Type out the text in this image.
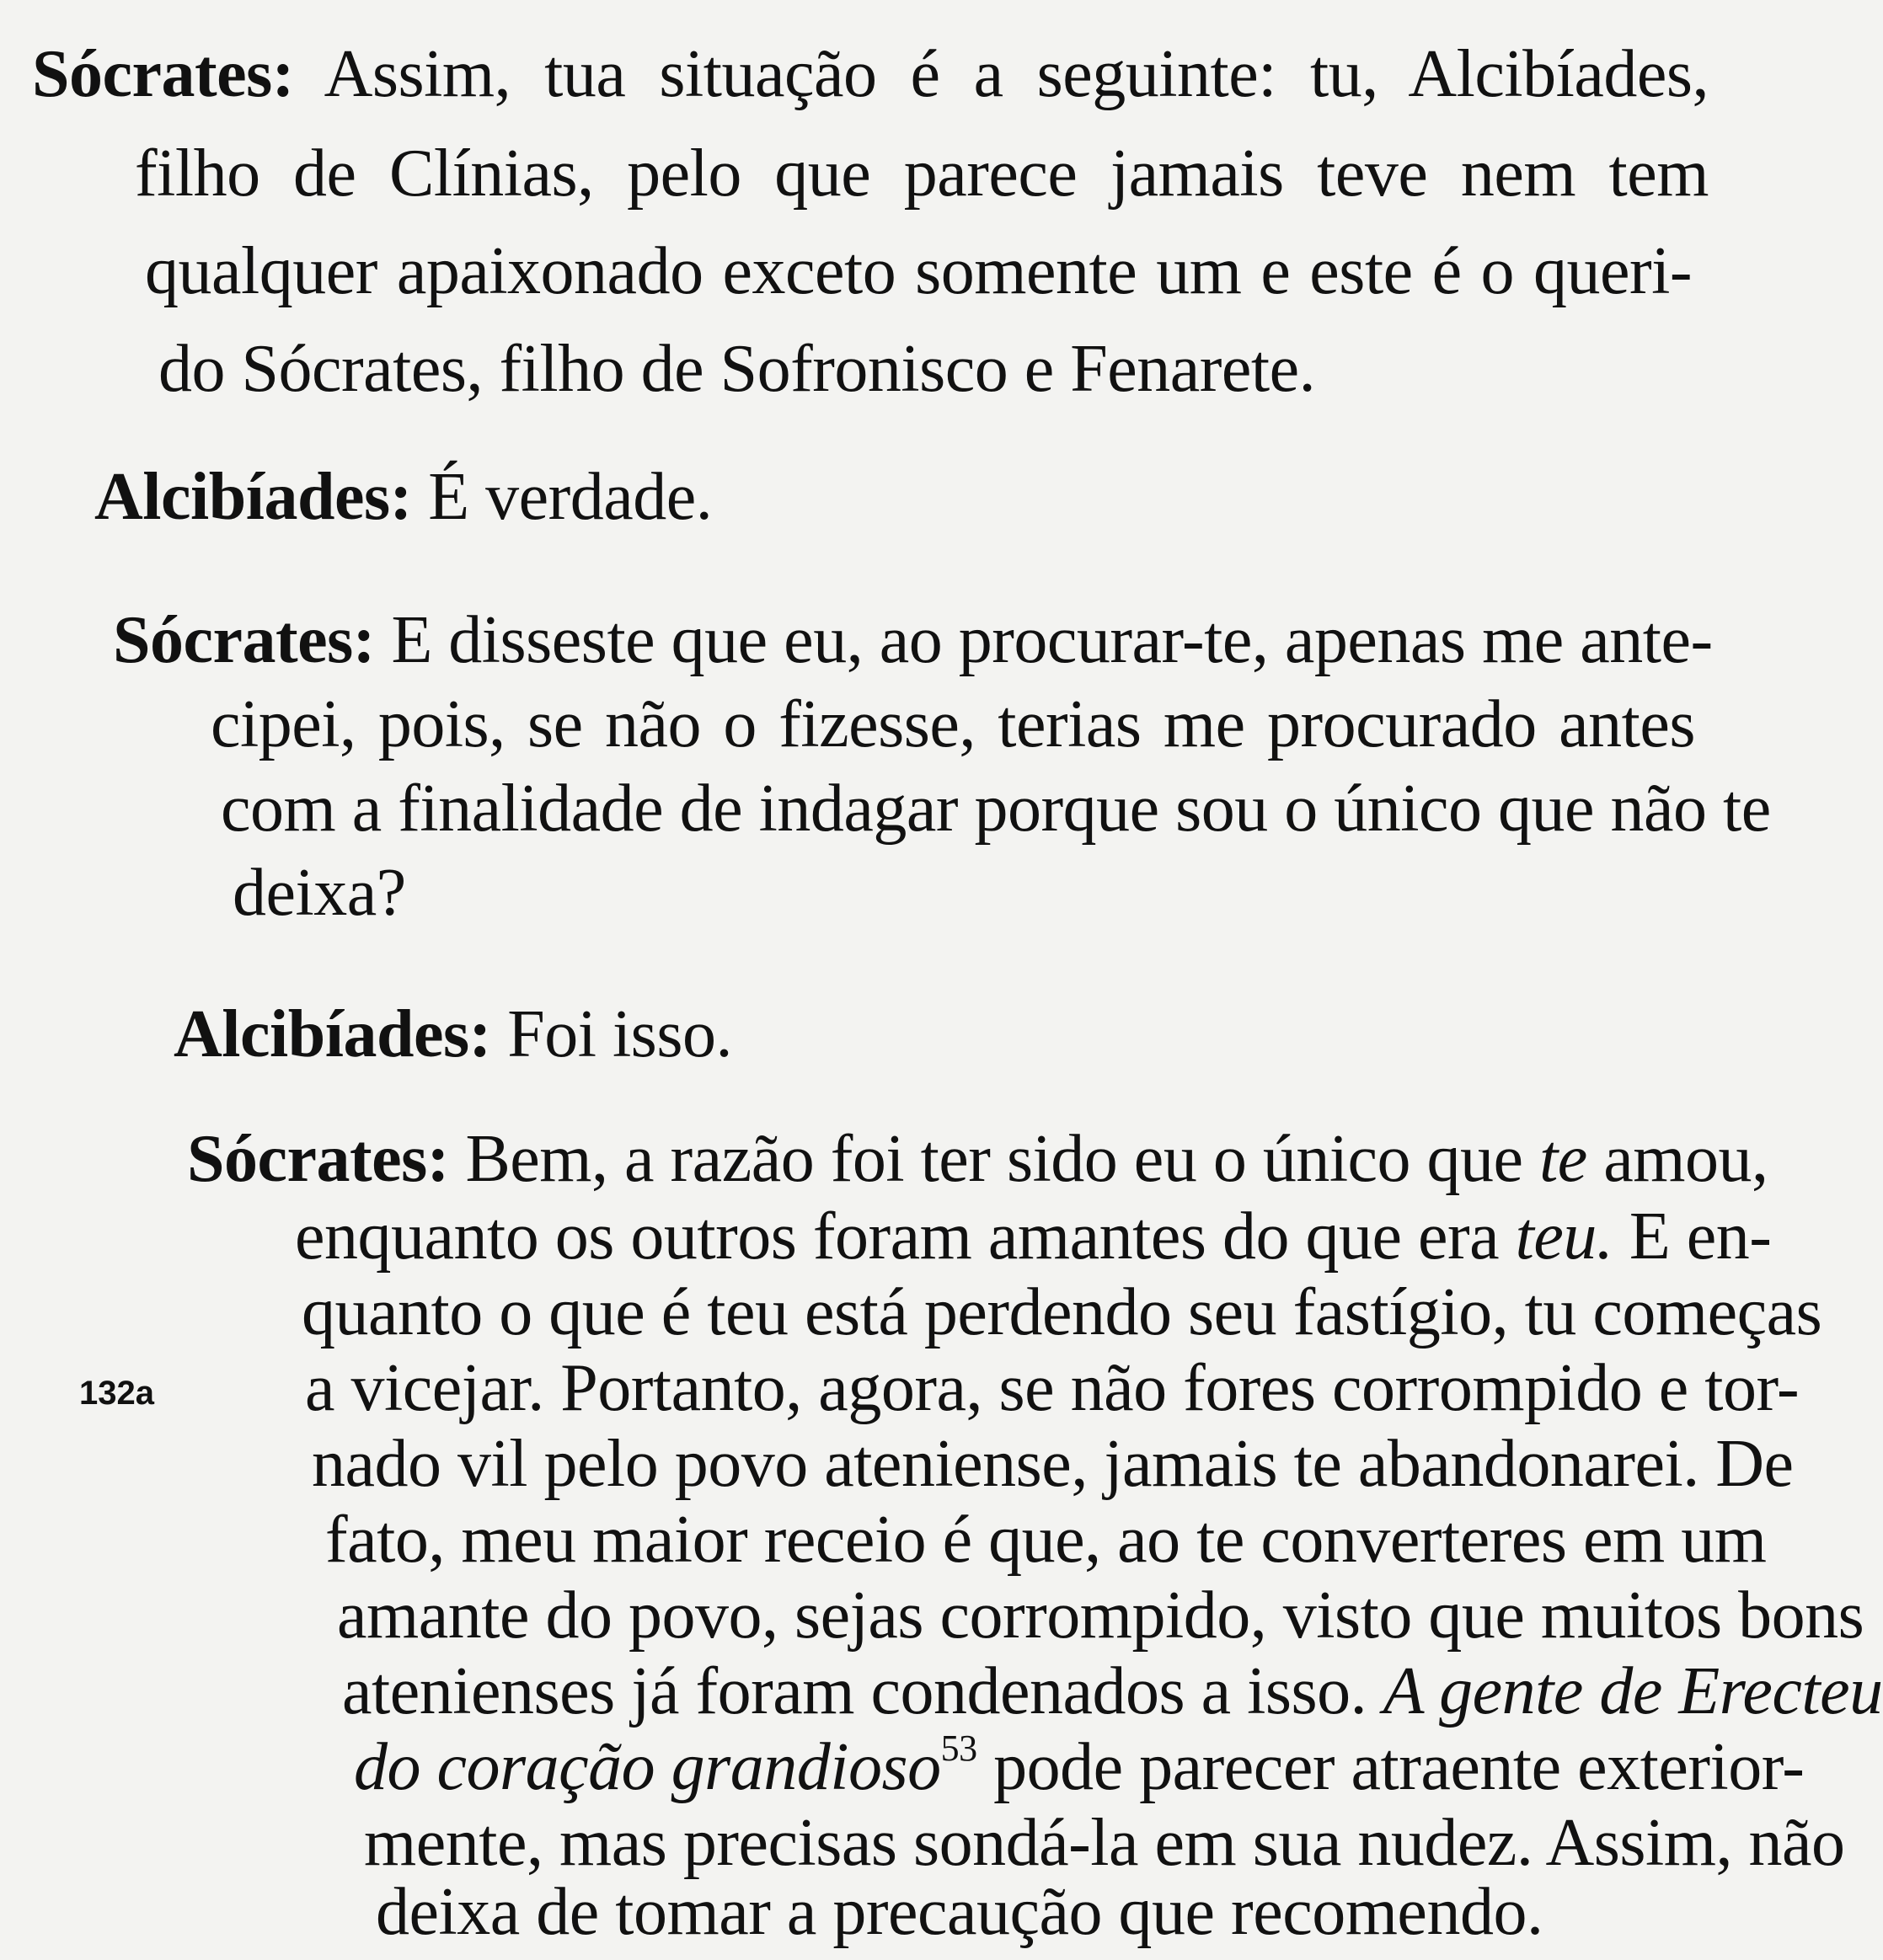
Sócrates: Assim, tua situação é a seguinte: tu, Alcibíades,
filho de Clínias, pelo que parece jamais teve nem tem
qualquer apaixonado exceto somente um e este é o queri-
do Sócrates, filho de Sofronisco e Fenarete.
Alcibíades: É verdade.
Sócrates: E disseste que eu, ao procurar-te, apenas me ante-
cipei, pois, se não o fizesse, terias me procurado antes
com a finalidade de indagar porque sou o único que não te
deixa?
Alcibíades: Foi isso.
Sócrates: Bem, a razão foi ter sido eu o único que te amou,
enquanto os outros foram amantes do que era teu. E en-
quanto o que é teu está perdendo seu fastígio, tu começas
a vicejar. Portanto, agora, se não fores corrompido e tor-
nado vil pelo povo ateniense, jamais te abandonarei. De
fato, meu maior receio é que, ao te converteres em um
amante do povo, sejas corrompido, visto que muitos bons
atenienses já foram condenados a isso. A gente de Erecteu
do coração grandioso$^{53}$ pode parecer atraente exterior-
mente, mas precisas sondá-la em sua nudez. Assim, não
deixa de tomar a precaução que recomendo.
132a
